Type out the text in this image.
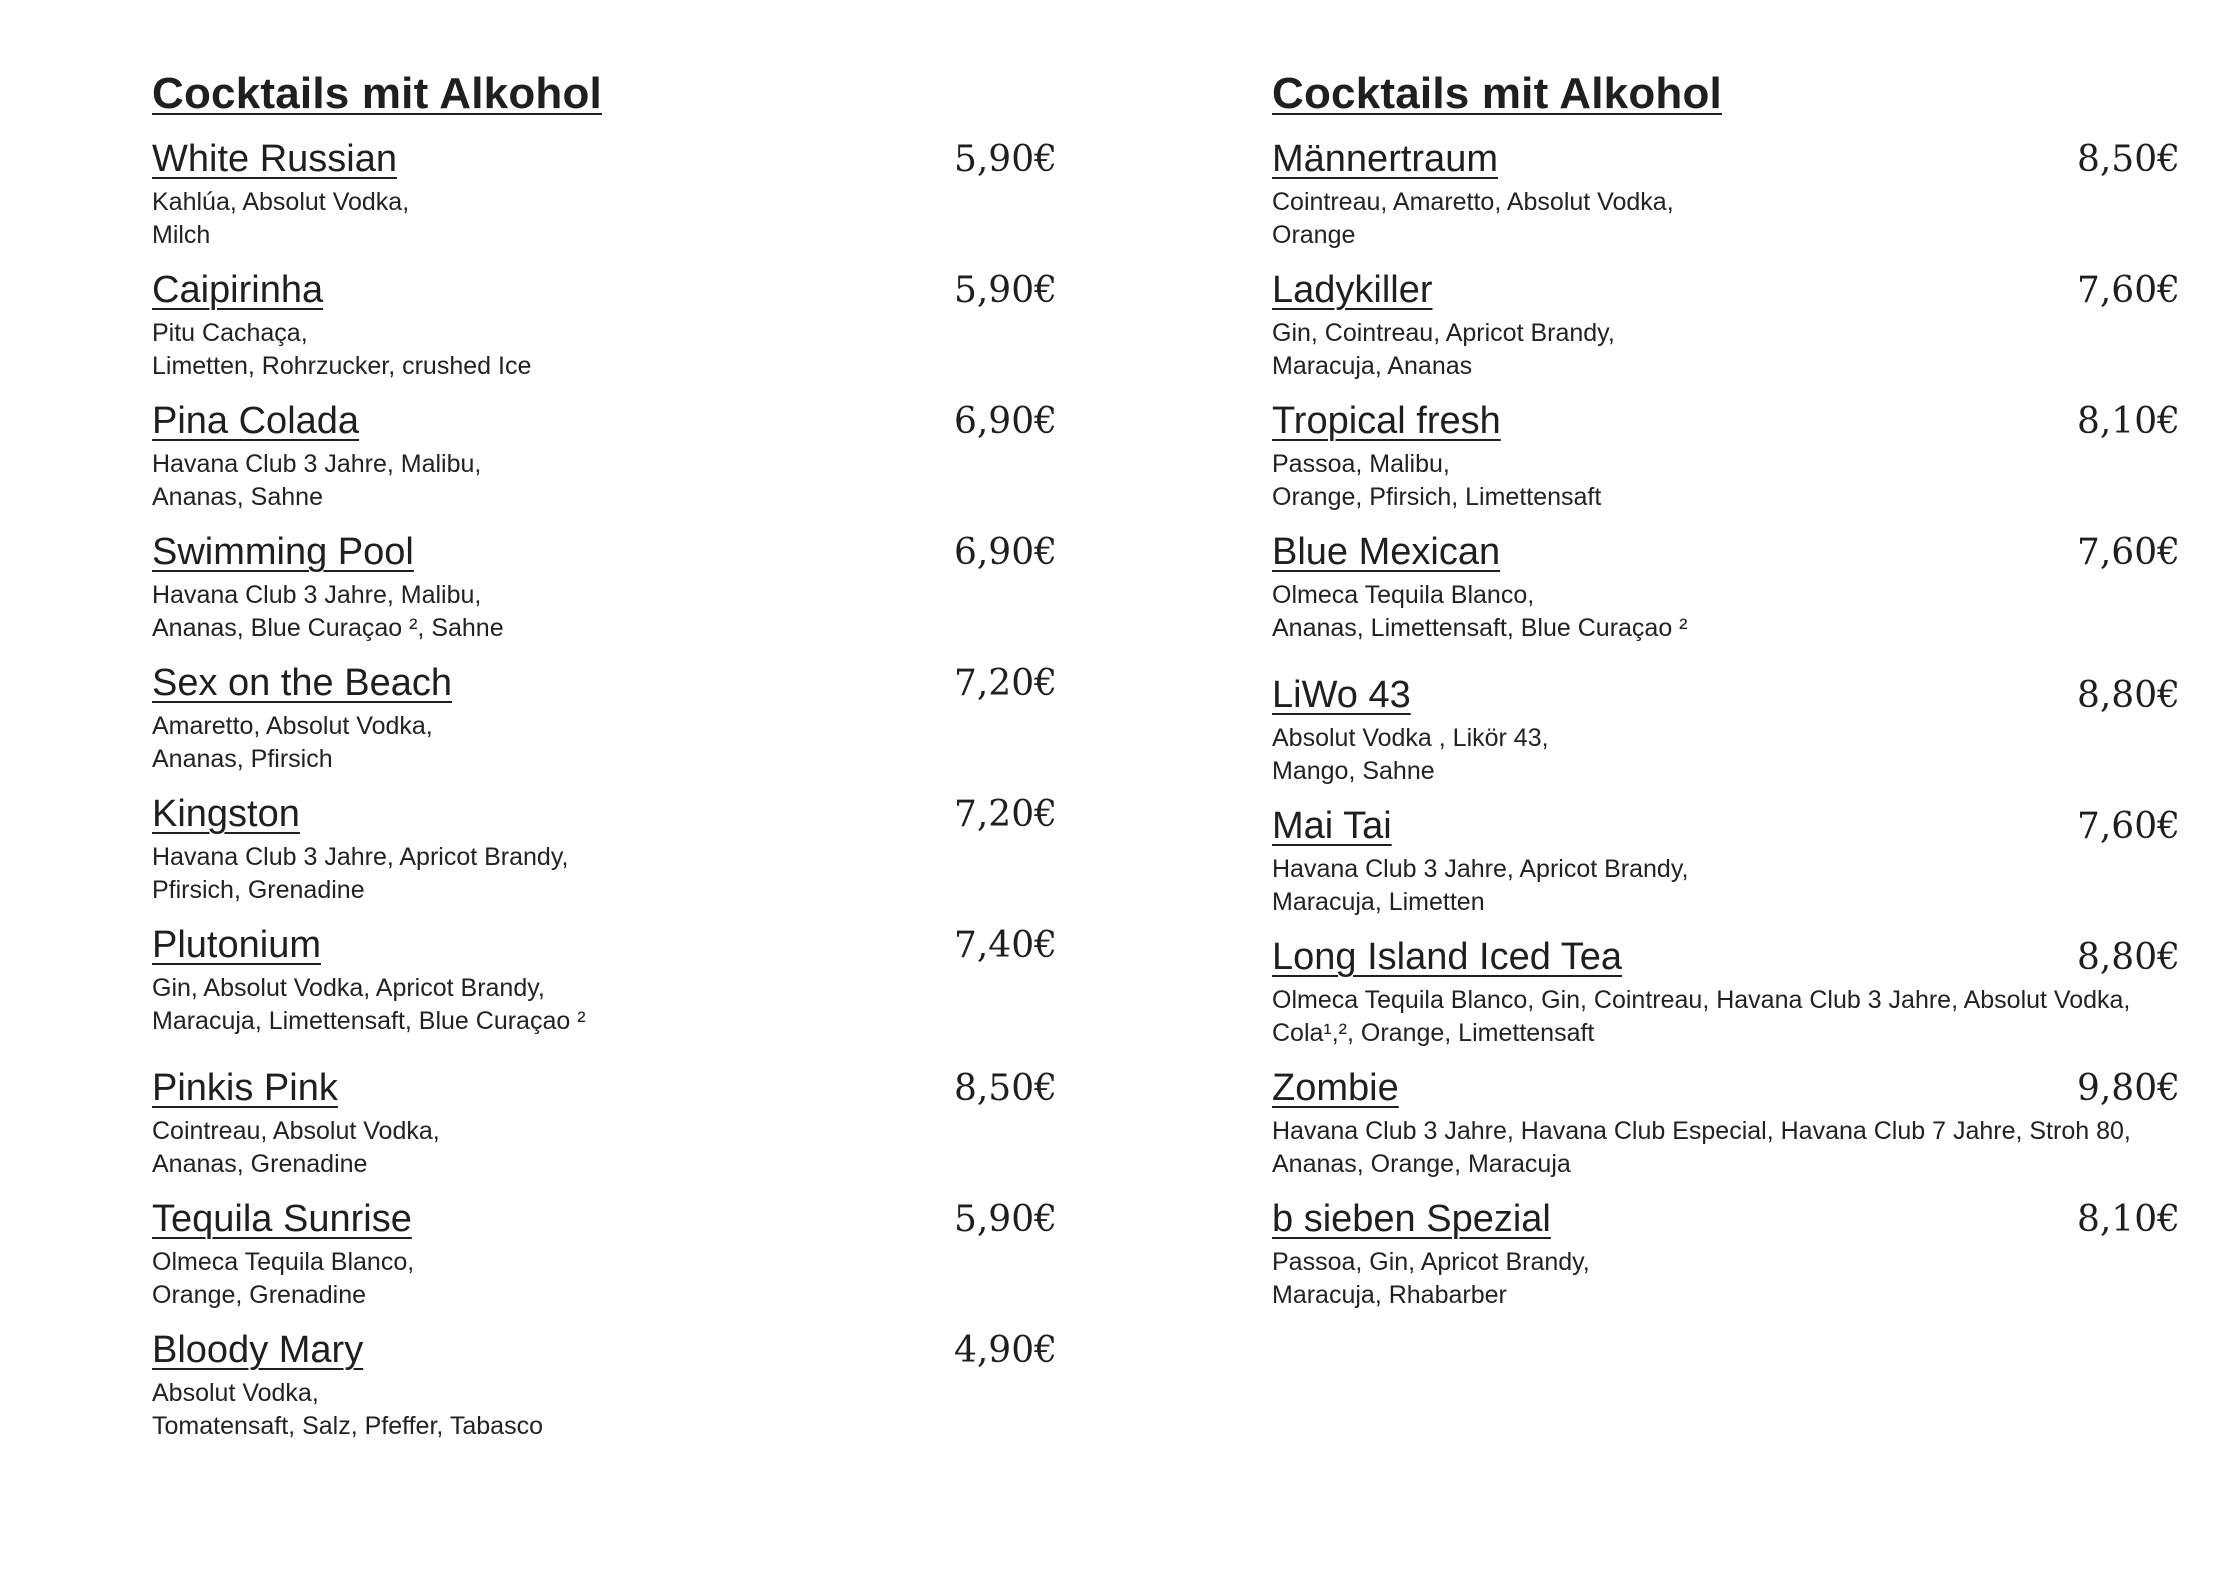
Cocktails mit Alkohol
White Russian	5,90€
Kahlúa, Absolut Vodka,
Milch
Caipirinha	5,90€
Pitu Cachaça,
Limetten, Rohrzucker, crushed Ice
Pina Colada	6,90€
Havana Club 3 Jahre, Malibu,
Ananas, Sahne
Swimming Pool	6,90€
Havana Club 3 Jahre, Malibu,
Ananas, Blue Curaçao ², Sahne
Sex on the Beach	7,20€
Amaretto, Absolut Vodka,
Ananas, Pfirsich
Kingston	7,20€
Havana Club 3 Jahre, Apricot Brandy,
Pfirsich, Grenadine
Plutonium	7,40€
Gin, Absolut Vodka, Apricot Brandy,
Maracuja, Limettensaft, Blue Curaçao ²
Pinkis Pink	8,50€
Cointreau, Absolut Vodka,
Ananas, Grenadine
Tequila Sunrise	5,90€
Olmeca Tequila Blanco,
Orange, Grenadine
Bloody Mary	4,90€
Absolut Vodka,
Tomatensaft, Salz, Pfeffer, Tabasco
Cocktails mit Alkohol
Männertraum	8,50€
Cointreau, Amaretto, Absolut Vodka,
Orange
Ladykiller	7,60€
Gin, Cointreau, Apricot Brandy,
Maracuja, Ananas
Tropical fresh	8,10€
Passoa, Malibu,
Orange, Pfirsich, Limettensaft
Blue Mexican	7,60€
Olmeca Tequila Blanco,
Ananas, Limettensaft, Blue Curaçao ²
LiWo 43	8,80€
Absolut Vodka , Likör 43,
Mango, Sahne
Mai Tai	7,60€
Havana Club 3 Jahre, Apricot Brandy,
Maracuja, Limetten
Long Island Iced Tea	8,80€
Olmeca Tequila Blanco, Gin, Cointreau, Havana Club 3 Jahre, Absolut Vodka,
Cola¹,², Orange, Limettensaft
Zombie	9,80€
Havana Club 3 Jahre, Havana Club Especial, Havana Club 7 Jahre, Stroh 80,
Ananas, Orange, Maracuja
b sieben Spezial	8,10€
Passoa, Gin, Apricot Brandy,
Maracuja, Rhabarber
